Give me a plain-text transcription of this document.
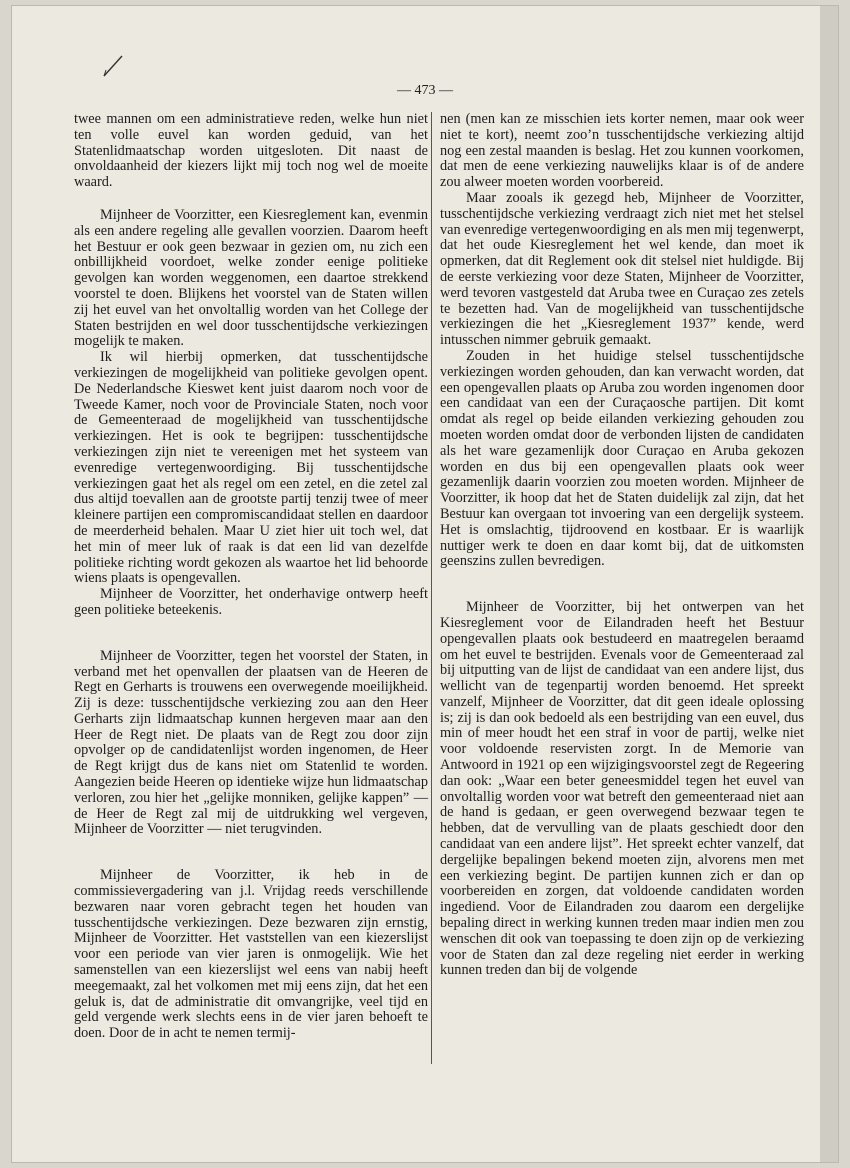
— 473 —

twee mannen om een administratieve reden, welke hun niet ten volle euvel kan worden geduid, van het Statenlidmaatschap worden uitgesloten. Dit naast de onvoldaanheid der kiezers lijkt mij toch nog wel de moeite waard.

Mijnheer de Voorzitter, een Kiesreglement kan, evenmin als een andere regeling alle gevallen voorzien. Daarom heeft het Bestuur er ook geen bezwaar in gezien om, nu zich een onbillijkheid voordoet, welke zonder eenige politieke gevolgen kan worden weggenomen, een daartoe strekkend voorstel te doen. Blijkens het voorstel van de Staten willen zij het euvel van het onvoltallig worden van het College der Staten bestrijden en wel door tusschentijdsche verkiezingen mogelijk te maken.

Ik wil hierbij opmerken, dat tusschentijdsche verkiezingen de mogelijkheid van politieke gevolgen opent. De Nederlandsche Kieswet kent juist daarom noch voor de Tweede Kamer, noch voor de Provinciale Staten, noch voor de Gemeenteraad de mogelijkheid van tusschentijdsche verkiezingen. Het is ook te begrijpen: tusschentijdsche verkiezingen zijn niet te vereenigen met het systeem van evenredige vertegenwoordiging. Bij tusschentijdsche verkiezingen gaat het als regel om een zetel, en die zetel zal dus altijd toevallen aan de grootste partij tenzij twee of meer kleinere partijen een compromiscandidaat stellen en daardoor de meerderheid behalen. Maar U ziet hier uit toch wel, dat het min of meer luk of raak is dat een lid van dezelfde politieke richting wordt gekozen als waartoe het lid behoorde wiens plaats is opengevallen.

Mijnheer de Voorzitter, het onderhavige ontwerp heeft geen politieke beteekenis.

Mijnheer de Voorzitter, tegen het voorstel der Staten, in verband met het openvallen der plaatsen van de Heeren de Regt en Gerharts is trouwens een overwegende moeilijkheid. Zij is deze: tusschentijdsche verkiezing zou aan den Heer Gerharts zijn lidmaatschap kunnen hergeven maar aan den Heer de Regt niet. De plaats van de Regt zou door zijn opvolger op de candidatenlijst worden ingenomen, de Heer de Regt krijgt dus de kans niet om Statenlid te worden. Aangezien beide Heeren op identieke wijze hun lidmaatschap verloren, zou hier het „gelijke monniken, gelijke kappen” — de Heer de Regt zal mij de uitdrukking wel vergeven, Mijnheer de Voorzitter — niet terugvinden.

Mijnheer de Voorzitter, ik heb in de commissievergadering van j.l. Vrijdag reeds verschillende bezwaren naar voren gebracht tegen het houden van tusschentijdsche verkiezingen. Deze bezwaren zijn ernstig, Mijnheer de Voorzitter. Het vaststellen van een kiezerslijst voor een periode van vier jaren is onmogelijk. Wie het samenstellen van een kiezerslijst wel eens van nabij heeft meegemaakt, zal het volkomen met mij eens zijn, dat het een geluk is, dat de administratie dit omvangrijke, veel tijd en geld vergende werk slechts eens in de vier jaren behoeft te doen. Door de in acht te nemen termij-

nen (men kan ze misschien iets korter nemen, maar ook weer niet te kort), neemt zoo’n tusschentijdsche verkiezing altijd nog een zestal maanden is beslag. Het zou kunnen voorkomen, dat men de eene verkiezing nauwelijks klaar is of de andere zou alweer moeten worden voorbereid.

Maar zooals ik gezegd heb, Mijnheer de Voorzitter, tusschentijdsche verkiezing verdraagt zich niet met het stelsel van evenredige vertegenwoordiging en als men mij tegenwerpt, dat het oude Kiesreglement het wel kende, dan moet ik opmerken, dat dit Reglement ook dit stelsel niet huldigde. Bij de eerste verkiezing voor deze Staten, Mijnheer de Voorzitter, werd tevoren vastgesteld dat Aruba twee en Curaçao zes zetels te bezetten had. Van de mogelijkheid van tusschentijdsche verkiezingen die het „Kiesreglement 1937” kende, werd intusschen nimmer gebruik gemaakt.

Zouden in het huidige stelsel tusschentijdsche verkiezingen worden gehouden, dan kan verwacht worden, dat een opengevallen plaats op Aruba zou worden ingenomen door een candidaat van een der Curaçaosche partijen. Dit komt omdat als regel op beide eilanden verkiezing gehouden zou moeten worden omdat door de verbonden lijsten de candidaten als het ware gezamenlijk door Curaçao en Aruba gekozen worden en dus bij een opengevallen plaats ook weer gezamenlijk daarin voorzien zou moeten worden. Mijnheer de Voorzitter, ik hoop dat het de Staten duidelijk zal zijn, dat het Bestuur kan overgaan tot invoering van een dergelijk systeem. Het is omslachtig, tijdroovend en kostbaar. Er is waarlijk nuttiger werk te doen en daar komt bij, dat de uitkomsten geenszins zullen bevredigen.

Mijnheer de Voorzitter, bij het ontwerpen van het Kiesreglement voor de Eilandraden heeft het Bestuur opengevallen plaats ook bestudeerd en maatregelen beraamd om het euvel te bestrijden. Evenals voor de Gemeenteraad zal bij uitputting van de lijst de candidaat van een andere lijst, dus wellicht van de tegenpartij worden benoemd. Het spreekt vanzelf, Mijnheer de Voorzitter, dat dit geen ideale oplossing is; zij is dan ook bedoeld als een bestrijding van een euvel, dus min of meer houdt het een straf in voor de partij, welke niet voor voldoende reservisten zorgt. In de Memorie van Antwoord in 1921 op een wijzigingsvoorstel zegt de Regeering dan ook: „Waar een beter geneesmiddel tegen het euvel van onvoltallig worden voor wat betreft den gemeenteraad niet aan de hand is gedaan, er geen overwegend bezwaar tegen te hebben, dat de vervulling van de plaats geschiedt door den candidaat van een andere lijst”. Het spreekt echter vanzelf, dat dergelijke bepalingen bekend moeten zijn, alvorens men met een verkiezing begint. De partijen kunnen zich er dan op voorbereiden en zorgen, dat voldoende candidaten worden ingediend. Voor de Eilandraden zou daarom een dergelijke bepaling direct in werking kunnen treden maar indien men zou wenschen dit ook van toepassing te doen zijn op de verkiezing voor de Staten dan zal deze regeling niet eerder in werking kunnen treden dan bij de volgende
